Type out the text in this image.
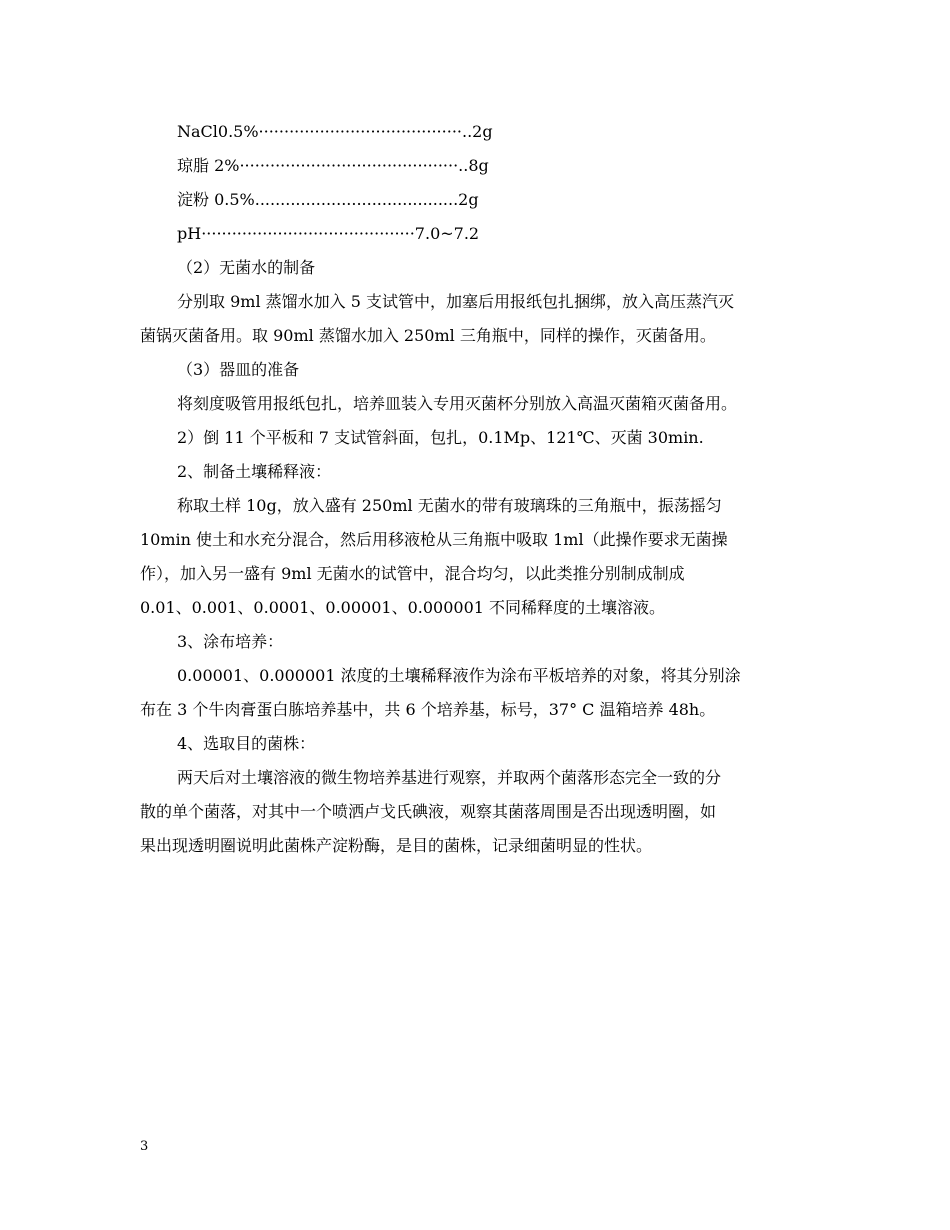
NaCl0.5%········································..2g
琼脂 2%···········································..8g
淀粉 0.5%........................................2g
pH··········································7.0~7.2
（2）无菌水的制备
分别取 9ml 蒸馏水加入 5 支试管中，加塞后用报纸包扎捆绑，放入高压蒸汽灭
菌锅灭菌备用。取 90ml 蒸馏水加入 250ml 三角瓶中，同样的操作，灭菌备用。
（3）器皿的准备
将刻度吸管用报纸包扎，培养皿装入专用灭菌杯分别放入高温灭菌箱灭菌备用。
2）倒 11 个平板和 7 支试管斜面，包扎，0.1Mp、121℃、灭菌 30min.
2、制备土壤稀释液：
称取土样 10g，放入盛有 250ml 无菌水的带有玻璃珠的三角瓶中，振荡摇匀
10min 使土和水充分混合，然后用移液枪从三角瓶中吸取 1ml（此操作要求无菌操
作），加入另一盛有 9ml 无菌水的试管中，混合均匀，以此类推分别制成制成
0.01、0.001、0.0001、0.00001、0.000001 不同稀释度的土壤溶液。
3、涂布培养：
0.00001、0.000001 浓度的土壤稀释液作为涂布平板培养的对象，将其分别涂
布在 3 个牛肉膏蛋白胨培养基中，共 6 个培养基，标号，37° C 温箱培养 48h。
4、选取目的菌株：
两天后对土壤溶液的微生物培养基进行观察，并取两个菌落形态完全一致的分
散的单个菌落，对其中一个喷洒卢戈氏碘液，观察其菌落周围是否出现透明圈，如
果出现透明圈说明此菌株产淀粉酶，是目的菌株，记录细菌明显的性状。
3
